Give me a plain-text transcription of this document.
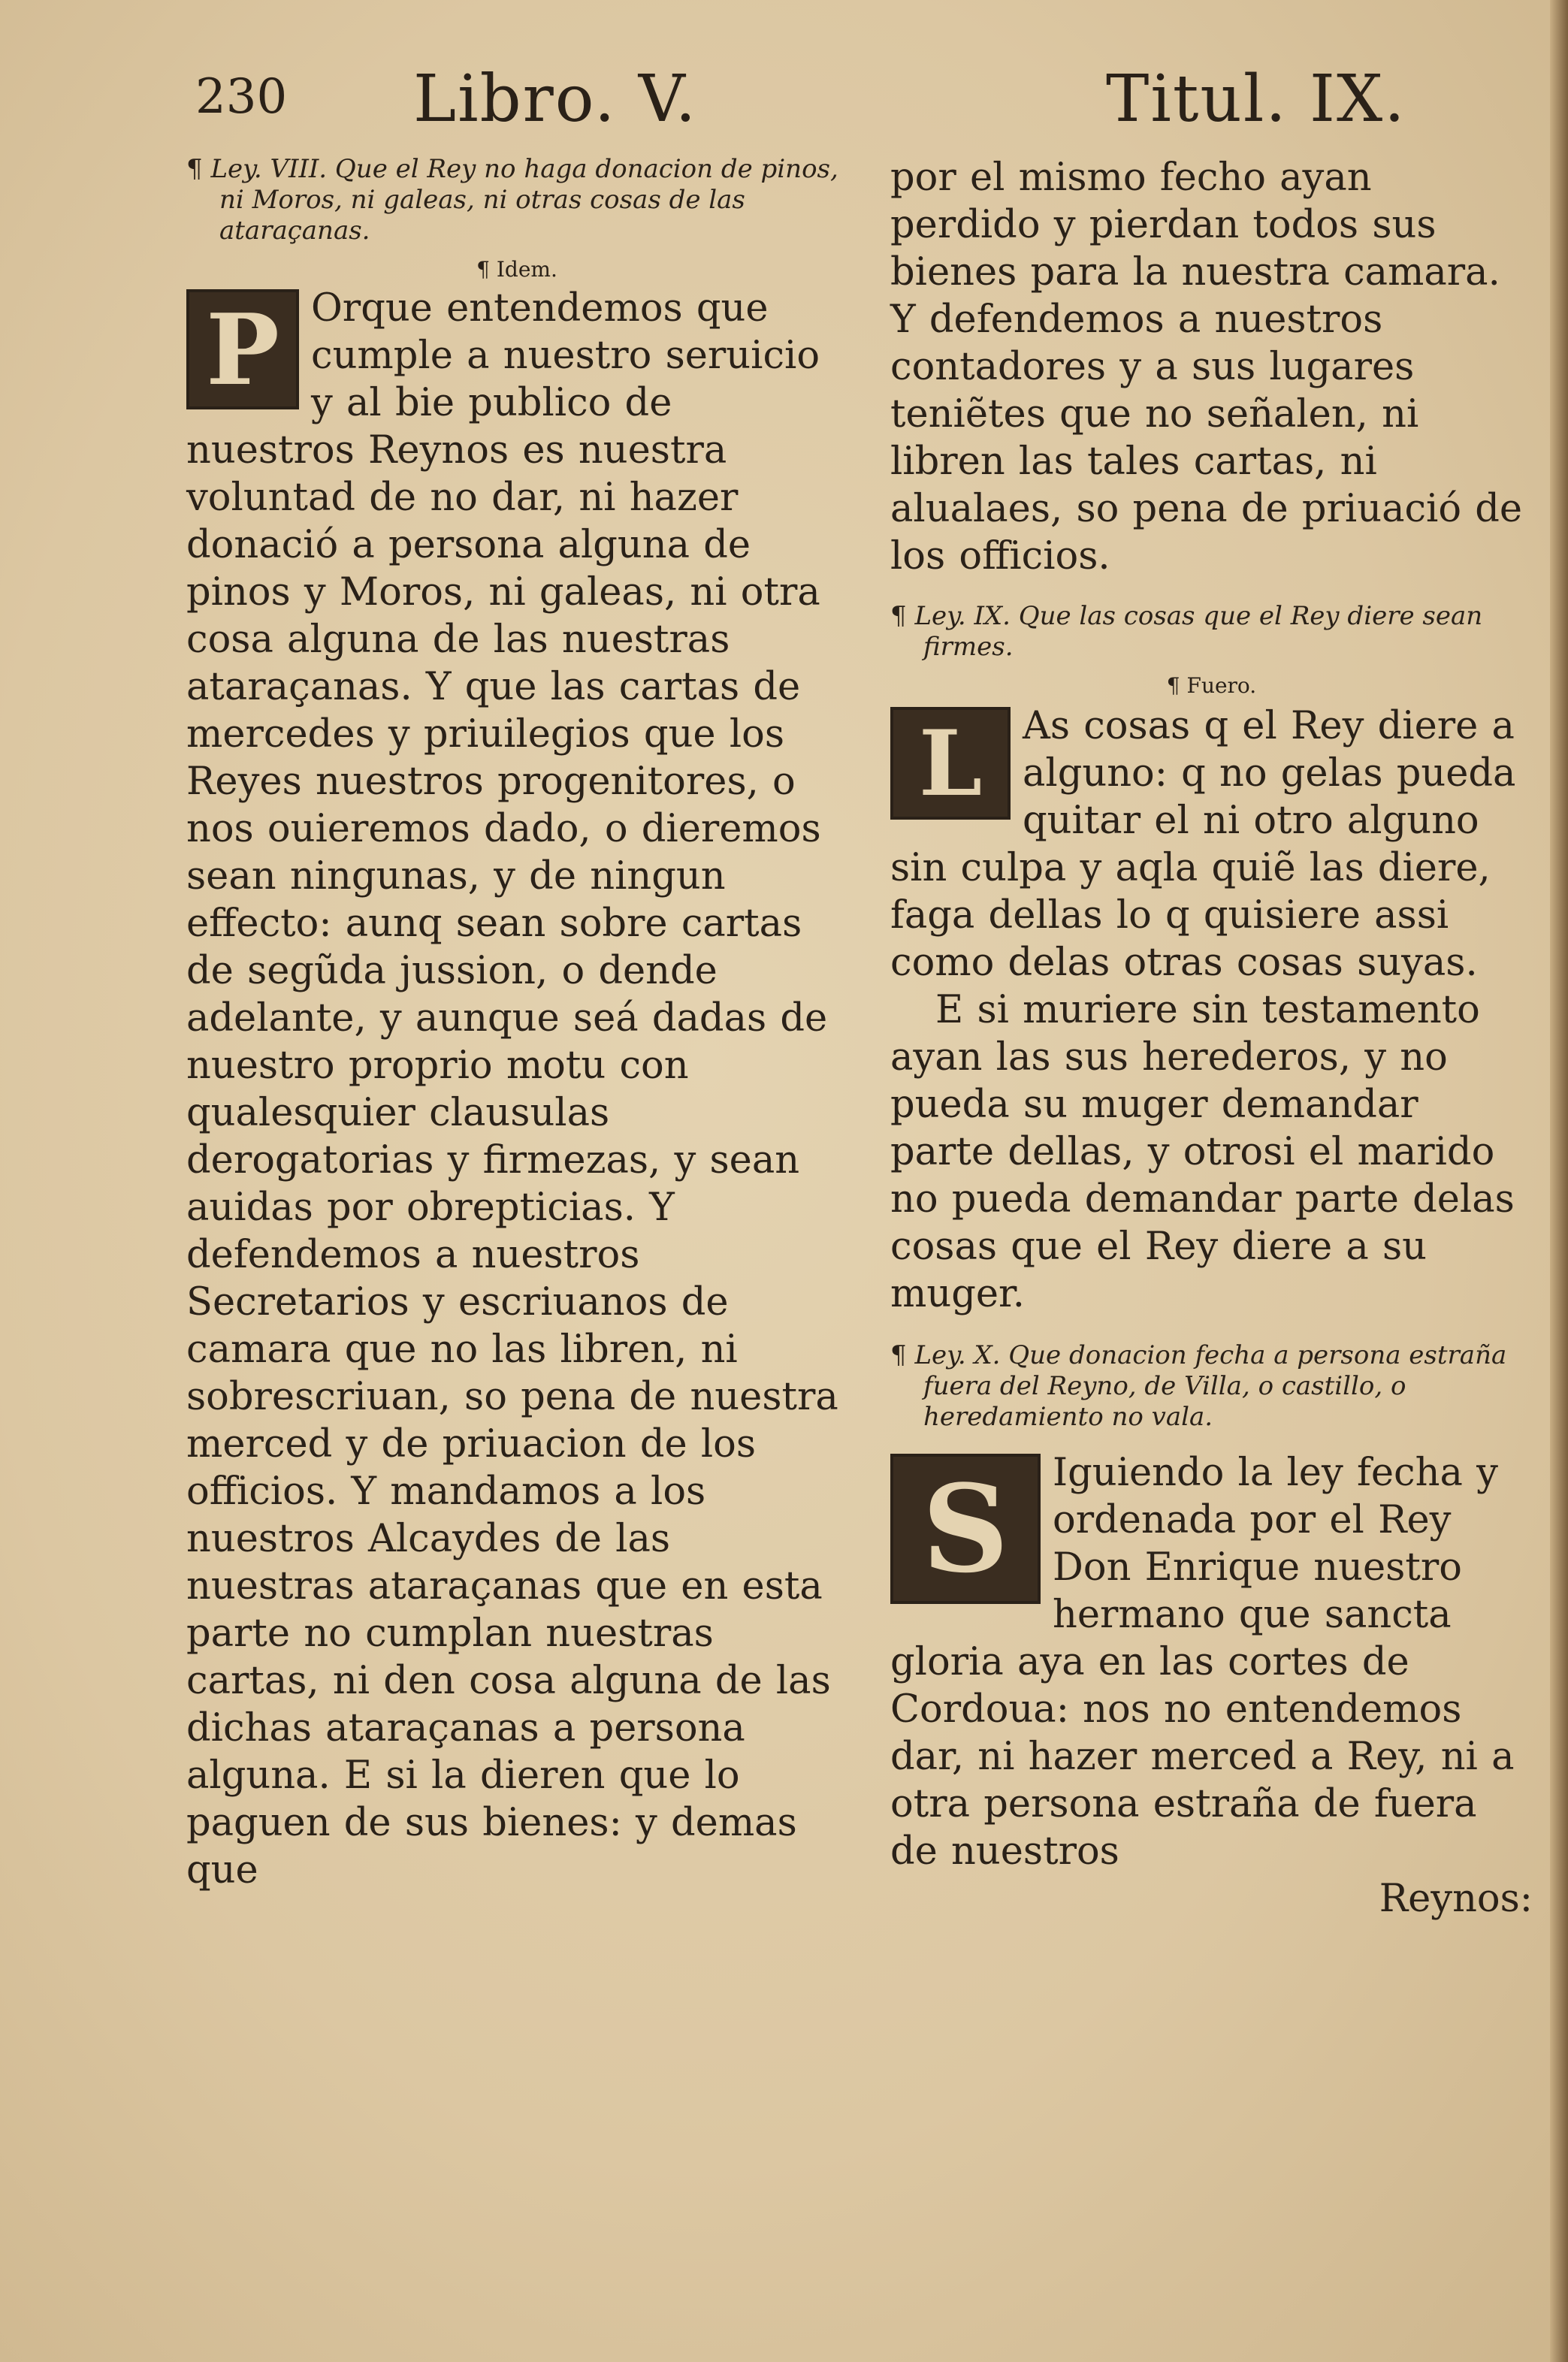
230 Libro. V.	Titul. IX.

¶ Ley. VIII. Que el Rey no haga donacion de pinos, ni Moros, ni galeas, ni otras cosas de las ataraçanas.

¶ Idem.

P Orque entendemos que cumple a nuestro seruicio y al bie publico de nuestros Reynos es nuestra voluntad de no dar, ni hazer donació a persona alguna de pinos y Moros, ni galeas, ni otra cosa alguna de las nuestras ataraçanas. Y que las cartas de mercedes y priuilegios que los Reyes nuestros progenitores, o nos ouieremos dado, o dieremos sean ningunas, y de ningun effecto: aunq sean sobre cartas de segũda jussion, o dende adelante, y aunque seá dadas de nuestro proprio motu con qualesquier clausulas derogatorias y firmezas, y sean auidas por obrepticias. Y defendemos a nuestros Secretarios y escriuanos de camara que no las libren, ni sobrescriuan, so pena de nuestra merced y de priuacion de los officios. Y mandamos a los nuestros Alcaydes de las nuestras ataraçanas que en esta parte no cumplan nuestras cartas, ni den cosa alguna de las dichas ataraçanas a persona alguna. E si la dieren que lo paguen de sus bienes: y demas que

por el mismo fecho ayan perdido y pierdan todos sus bienes para la nuestra camara. Y defendemos a nuestros contadores y a sus lugares teniẽtes que no señalen, ni libren las tales cartas, ni alualaes, so pena de priuació de los officios.

¶ Ley. IX. Que las cosas que el Rey diere sean firmes.

¶ Fuero.

L	As cosas q el Rey diere a alguno: q no gelas pueda quitar el ni otro alguno sin culpa y aqla quiẽ las diere, faga dellas lo q quisiere assi como delas otras cosas suyas.

E si muriere sin testamento ayan las sus herederos, y no pueda su muger demandar parte dellas, y otrosi el marido no pueda demandar parte delas cosas que el Rey diere a su muger.

¶ Ley. X. Que donacion fecha a persona estraña fuera del Reyno, de Villa, o castillo, o heredamiento no vala.

S	Iguiendo la ley fecha y ordenada por el Rey Don Enrique nuestro hermano que sancta gloria aya en las cortes de Cordoua: nos no entendemos dar, ni hazer merced a Rey, ni a otra persona estraña de fuera de nuestros

Reynos:
